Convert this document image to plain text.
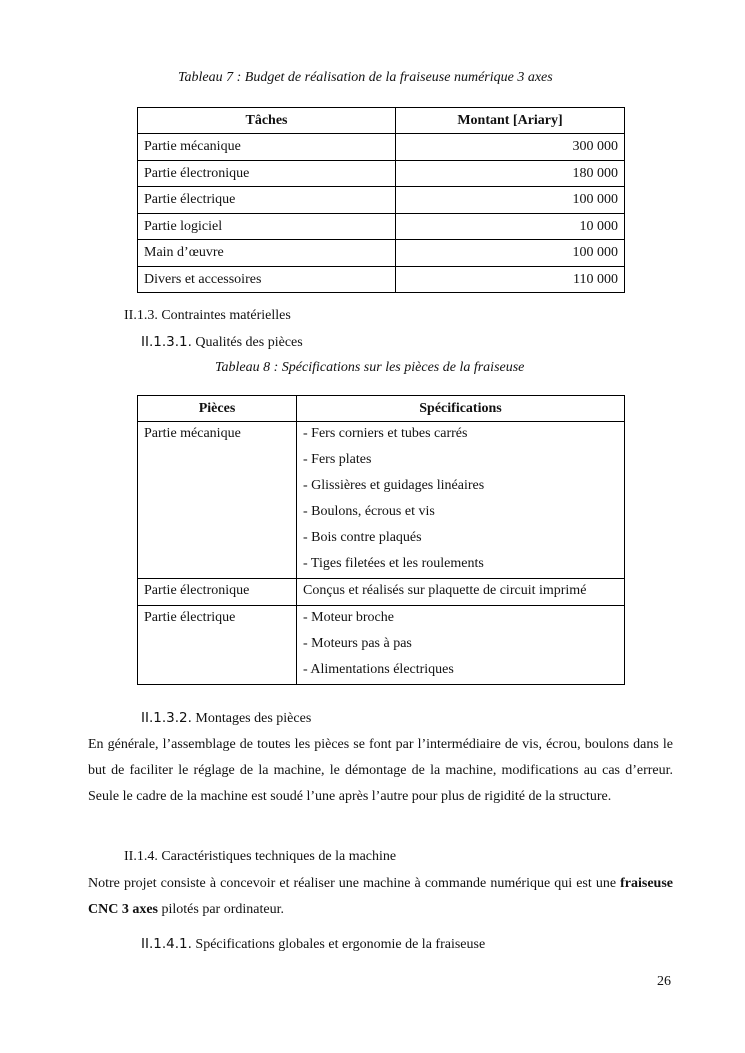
Tableau 7 : Budget de réalisation de la fraiseuse numérique 3 axes
Tâches	Montant [Ariary]
Partie mécanique	300 000
Partie électronique	180 000
Partie électrique	100 000
Partie logiciel	10 000
Main d’œuvre	100 000
Divers et accessoires	110 000
II.1.3. Contraintes matérielles
II.1.3.1. Qualités des pièces
Tableau 8 : Spécifications sur les pièces de la fraiseuse
Pièces	Spécifications

Partie mécanique	- Fers corniers et tubes carrés
- Fers plates
- Glissières et guidages linéaires
- Boulons, écrous et vis
- Bois contre plaqués
- Tiges filetées et les roulements

Partie électronique	Conçus et réalisés sur plaquette de circuit imprimé

Partie électrique	- Moteur broche
- Moteurs pas à pas
- Alimentations électriques
II.1.3.2. Montages des pièces

En générale, l’assemblage de toutes les pièces se font par l’intermédiaire de vis, écrou, boulons dans le but de faciliter le réglage de la machine, le démontage de la machine, modifications au cas d’erreur. Seule le cadre de la machine est soudé l’une après l’autre pour plus de rigidité de la structure.

II.1.4. Caractéristiques techniques de la machine

Notre projet consiste à concevoir et réaliser une machine à commande numérique qui est une fraiseuse CNC 3 axes pilotés par ordinateur.

II.1.4.1. Spécifications globales et ergonomie de la fraiseuse
26
